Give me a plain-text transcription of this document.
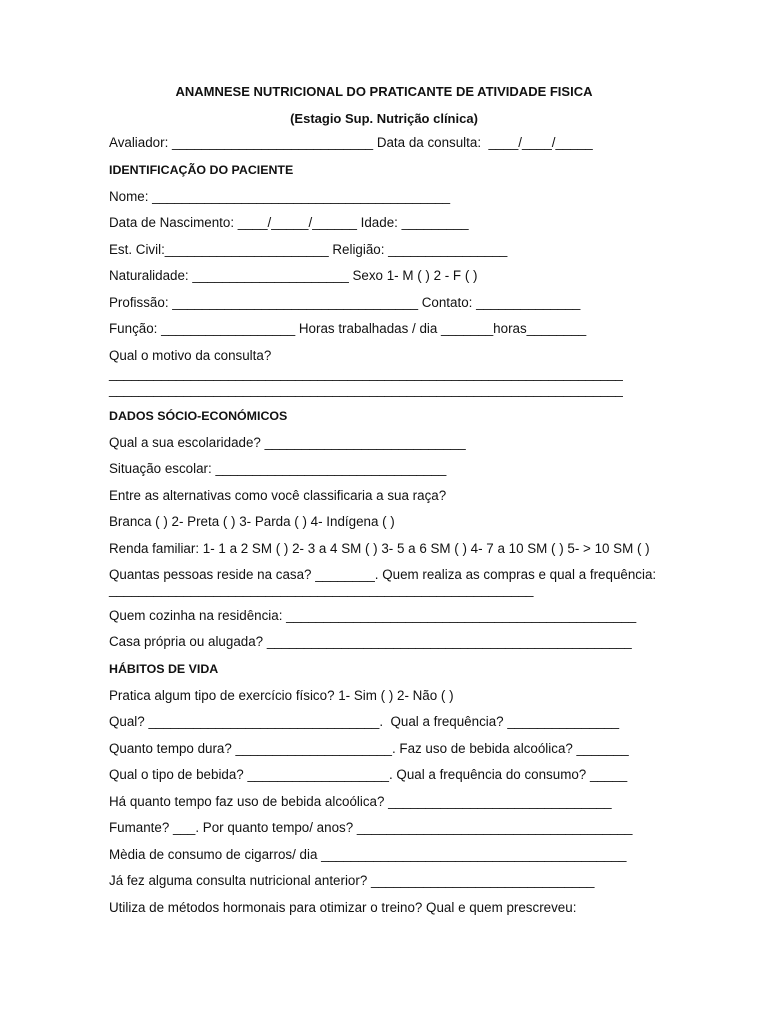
ANAMNESE NUTRICIONAL DO PRATICANTE DE ATIVIDADE FISICA
(Estagio Sup. Nutrição clínica)
Avaliador: ___________________________ Data da consulta:  ____/____/_____
IDENTIFICAÇÃO DO PACIENTE
Nome: ________________________________________
Data de Nascimento: ____/_____/______ Idade: _________
Est. Civil:______________________ Religião: ________________
Naturalidade: _____________________ Sexo 1- M ( ) 2 - F ( )
Profissão: _________________________________ Contato: ______________
Função: __________________ Horas trabalhadas / dia _______horas________
Qual o motivo da consulta?
_____________________________________________________________________
_____________________________________________________________________
DADOS SÓCIO-ECONÓMICOS
Qual a sua escolaridade? ___________________________
Situação escolar: _______________________________
Entre as alternativas como você classificaria a sua raça?
Branca ( ) 2- Preta ( ) 3- Parda ( ) 4- Indígena ( )
Renda familiar: 1- 1 a 2 SM ( ) 2- 3 a 4 SM ( ) 3- 5 a 6 SM ( ) 4- 7 a 10 SM ( ) 5- > 10 SM ( )
Quantas pessoas reside na casa? ________. Quem realiza as compras e qual a frequência: _________________________________________________________
Quem cozinha na residência: _______________________________________________
Casa própria ou alugada? _________________________________________________
HÁBITOS DE VIDA
Pratica algum tipo de exercício físico? 1- Sim ( ) 2- Não ( )
Qual? _______________________________.  Qual a frequência? _______________
Quanto tempo dura? _____________________. Faz uso de bebida alcoólica? _______
Qual o tipo de bebida? ___________________. Qual a frequência do consumo? _____
Há quanto tempo faz uso de bebida alcoólica? ______________________________
Fumante? ___. Por quanto tempo/ anos? _____________________________________
Mèdia de consumo de cigarros/ dia _________________________________________
Já fez alguma consulta nutricional anterior? ______________________________
Utiliza de métodos hormonais para otimizar o treino? Qual e quem prescreveu:
